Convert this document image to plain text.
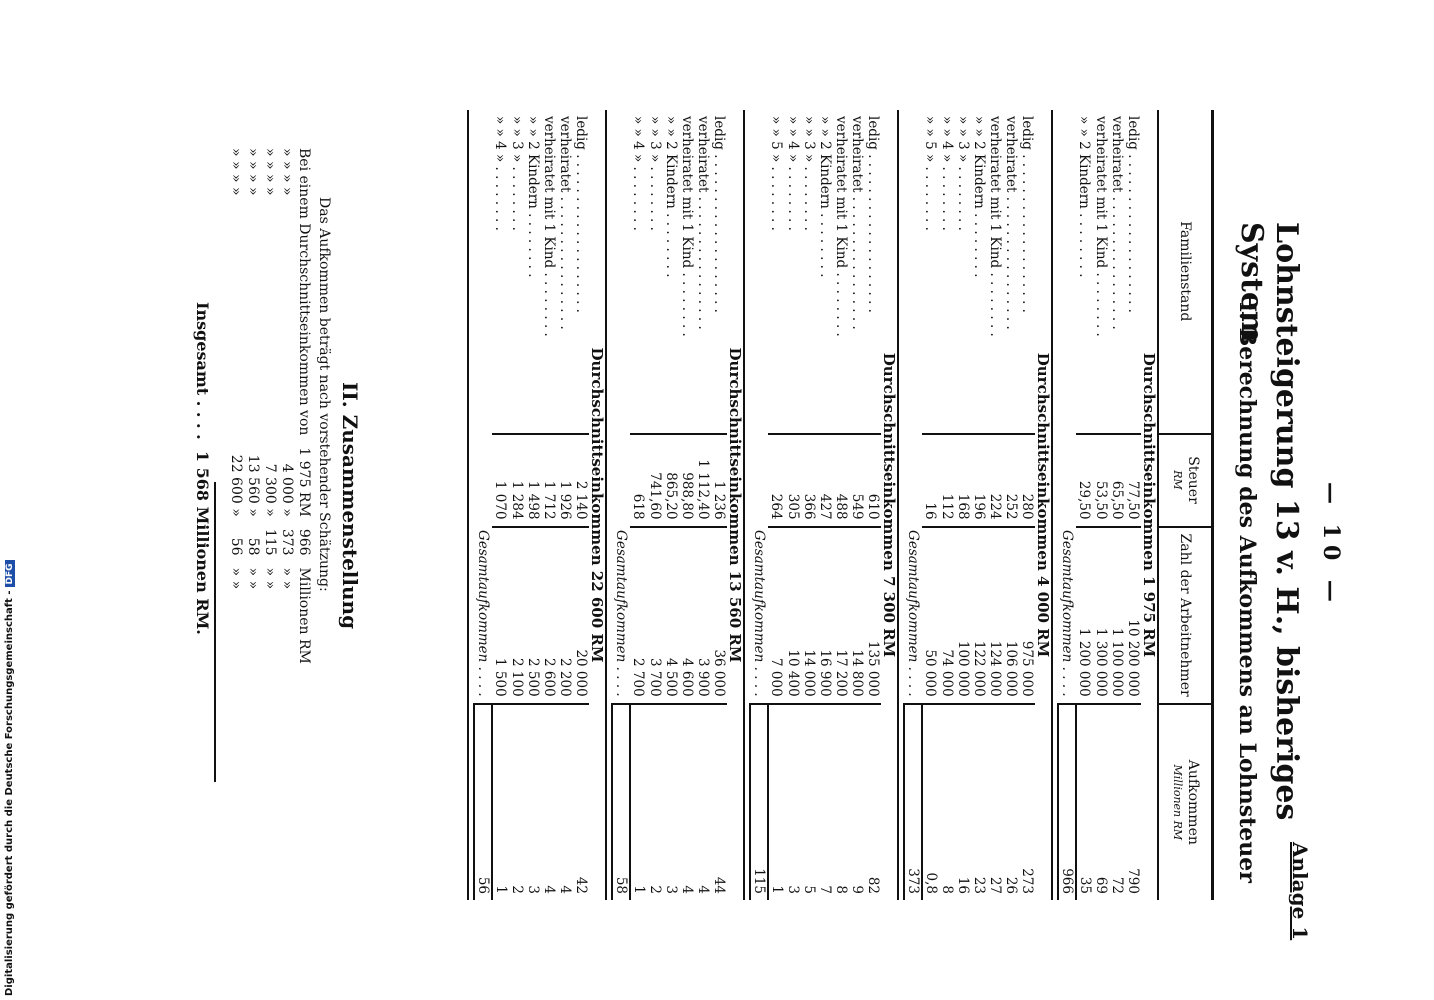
— 10 —
Anlage 1
Lohnsteigerung 13 v. H., bisheriges System
I. Berechnung des Aufkommens an Lohnsteuer
Familienstand	Steuer
RM	Zahl der Arbeitnehmer	Aufkommen
Millionen RM

Durchschnittseinkommen 1 975 RM			
ledig . . . . . . . . . . . . . . . . . . .	77,50	10 200 000	790
verheiratet . . . . . . . . . . . . . . . .	65,50	1 100 000	72
verheiratet mit 1 Kind . . . . . . . .	53,50	1 300 000	69
» » 2 Kindern . . . . . . . .	29,50	1 200 000	35
	Gesamtaufkommen . . . .		966

Durchschnittseinkommen 4 000 RM			
ledig . . . . . . . . . . . . . . . . . . .	280	975 000	273
verheiratet . . . . . . . . . . . . . . . .	252	106 000	26
verheiratet mit 1 Kind . . . . . . . .	224	124 000	27
» » 2 Kindern . . . . . . . .	196	122 000	23
» » 3 » . . . . . . . .	168	100 000	16
» » 4 » . . . . . . . .	112	74 000	8
» » 5 » . . . . . . . .	16	50 000	0,8
	Gesamtaufkommen . . . .		373

Durchschnittseinkommen 7 300 RM			
ledig . . . . . . . . . . . . . . . . . . .	610	135 000	82
verheiratet . . . . . . . . . . . . . . . .	549	14 800	9
verheiratet mit 1 Kind . . . . . . . .	488	17 200	8
» » 2 Kindern . . . . . . . .	427	16 900	7
» » 3 » . . . . . . . .	366	14 000	5
» » 4 » . . . . . . . .	305	10 400	3
» » 5 » . . . . . . . .	264	7 000	1
	Gesamtaufkommen . . . .		115

Durchschnittseinkommen 13 560 RM			
ledig . . . . . . . . . . . . . . . . . . .	1 236	36 000	44
verheiratet . . . . . . . . . . . . . . . .	1 112,40	3 900	4
verheiratet mit 1 Kind . . . . . . . .	988,80	4 600	4
» » 2 Kindern . . . . . . . .	865,20	4 500	3
» » 3 » . . . . . . . .	741,60	3 700	2
» » 4 » . . . . . . . .	618	2 700	1
	Gesamtaufkommen . . . .		58

Durchschnittseinkommen 22 600 RM			
ledig . . . . . . . . . . . . . . . . . . .	2 140	20 000	42
verheiratet . . . . . . . . . . . . . . . .	1 926	2 200	4
verheiratet mit 1 Kind . . . . . . . .	1 712	2 600	4
» » 2 Kindern . . . . . . . .	1 498	2 500	3
» » 3 » . . . . . . . .	1 284	2 100	2
» » 4 » . . . . . . . .	1 070	1 500	1
	Gesamtaufkommen . . . .		56

II. Zusammenstellung
Das Aufkommen beträgt nach vorstehender Schätzung:
Bei einem Durchschnittseinkommen von	1 975 RM	966	Millionen RM
» » » »	4 000 »	373	» »
» » » »	7 300 »	115	» »
» » » »	13 560 »	58	» »
» » » »	22 600 »	56	» »
Insgesamt . . . .  1 568 Millionen RM.
Digitalisierung gefördert durch die Deutsche Forschungsgemeinschaft -DFG
